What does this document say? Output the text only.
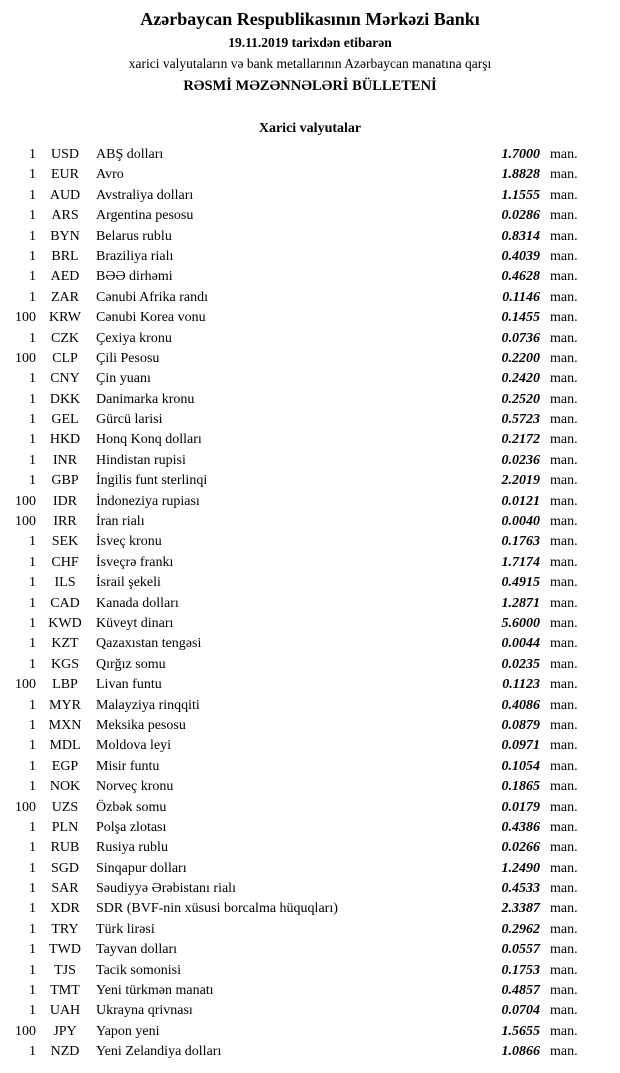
Azərbaycan Respublikasının Mərkəzi Bankı
19.11.2019 tarixdən etibarən
xarici valyutaların və bank metallarının Azərbaycan manatına qarşı
RƏSMİ MƏZƏNNƏLƏRİ BÜLLETENİ
Xarici valyutalar
1	USD	ABŞ dolları	1.7000 man.
1	EUR	Avro	1.8828 man.
1 AUD	Avstraliya dolları	1.1555 man.
1	ARS	Argentina pesosu	0.0286 man.
1	BYN	Belarus rublu	0.8314 man.
1	BRL	Braziliya rialı	0.4039 man.
1	AED	BƏƏ dirhəmi	0.4628 man.
1	ZAR	Cənubi Afrika randı	0.1146 man.
100 KRW	Cənubi Korea vonu	0.1455 man.
1	CZK	Çexiya kronu	0.0736 man.
100	CLP	Çili Pesosu	0.2200 man.
1	CNY	Çin yuanı	0.2420 man.
1 DKK	Danimarka kronu	0.2520 man.
1	GEL	Gürcü larisi	0.5723 man.
1 HKD	Honq Konq dolları	0.2172 man.
1	INR	Hindistan rupisi	0.0236 man.
1	GBP	İngilis funt sterlinqi	2.2019 man.
100	IDR	İndoneziya rupiası	0.0121 man.
100	IRR	İran rialı	0.0040 man.
1	SEK	İsveç kronu	0.1763 man.
1	CHF	İsveçrə frankı	1.7174 man.
1	ILS	İsrail şekeli	0.4915 man.
1	CAD	Kanada dolları	1.2871 man.
1 KWD	Küveyt dinarı	5.6000 man.
1	KZT	Qazaxıstan tengəsi	0.0044 man.
1	KGS	Qırğız somu	0.0235 man.
100	LBP	Livan funtu	0.1123 man.
1 MYR	Malayziya rinqqiti	0.4086 man.
1 MXN	Meksika pesosu	0.0879 man.
1 MDL	Moldova leyi	0.0971 man.
1	EGP	Misir funtu	0.1054 man.
1 NOK	Norveç kronu	0.1865 man.
100	UZS	Özbək somu	0.0179 man.
1	PLN	Polşa zlotası	0.4386 man.
1	RUB	Rusiya rublu	0.0266 man.
1	SGD	Sinqapur dolları	1.2490 man.
1	SAR	Səudiyyə Ərəbistanı rialı	0.4533 man.
1	XDR	SDR (BVF-nin xüsusi borcalma hüquqları)	2.3387 man.
1	TRY	Türk lirəsi	0.2962 man.
1 TWD	Tayvan dolları	0.0557 man.
1	TJS	Tacik somonisi	0.1753 man.
1	TMT	Yeni türkmən manatı	0.4857 man.
1 UAH	Ukrayna qrivnası	0.0704 man.
100	JPY	Yapon yeni	1.5655 man.
1	NZD	Yeni Zelandiya dolları	1.0866 man.
